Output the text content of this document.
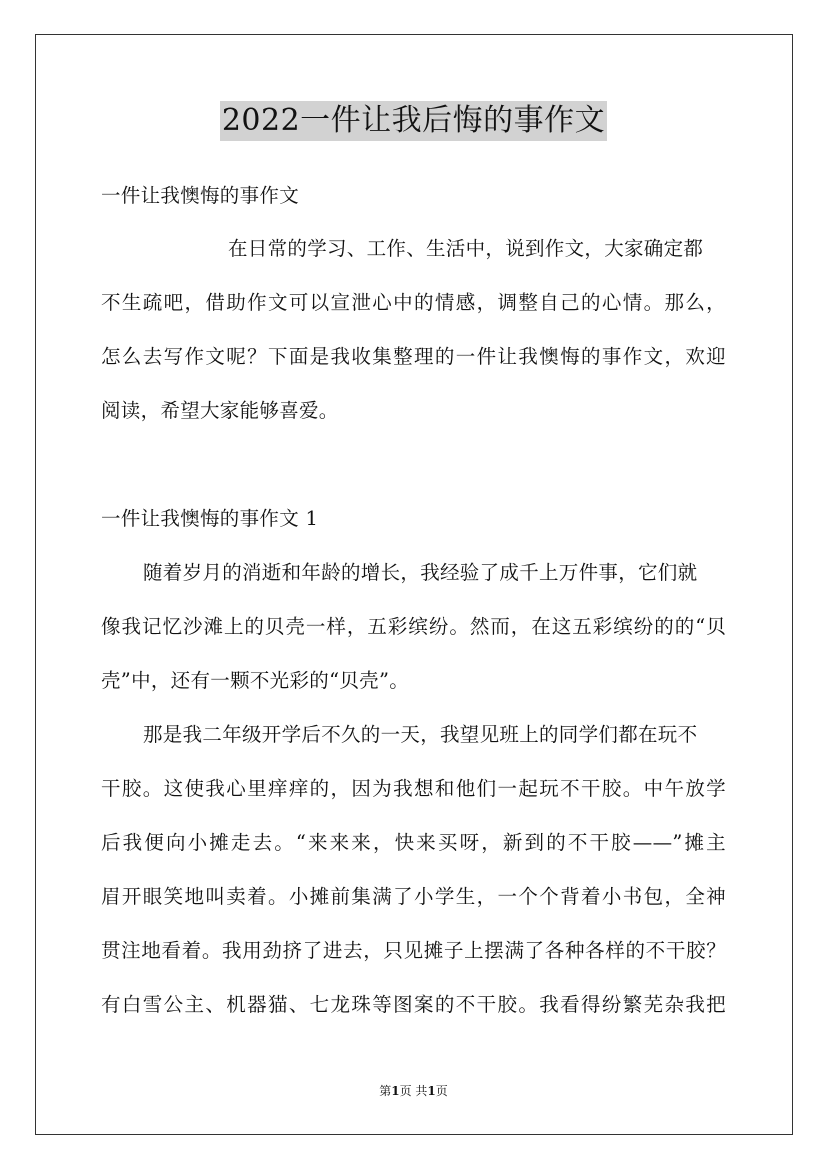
2022一件让我后悔的事作文
一件让我懊悔的事作文
在日常的学习、工作、生活中，说到作文，大家确定都
不生疏吧，借助作文可以宣泄心中的情感，调整自己的心情。那么，
怎么去写作文呢？下面是我收集整理的一件让我懊悔的事作文，欢迎
阅读，希望大家能够喜爱。
一件让我懊悔的事作文 1
随着岁月的消逝和年龄的增长，我经验了成千上万件事，它们就
像我记忆沙滩上的贝壳一样，五彩缤纷。然而，在这五彩缤纷的的“贝
壳”中，还有一颗不光彩的“贝壳”。
那是我二年级开学后不久的一天，我望见班上的同学们都在玩不
干胶。这使我心里痒痒的，因为我想和他们一起玩不干胶。中午放学
后我便向小摊走去。“来来来，快来买呀，新到的不干胶——”摊主
眉开眼笑地叫卖着。小摊前集满了小学生，一个个背着小书包，全神
贯注地看着。我用劲挤了进去，只见摊子上摆满了各种各样的不干胶？
有白雪公主、机器猫、七龙珠等图案的不干胶。我看得纷繁芜杂我把
第1页 共1页
